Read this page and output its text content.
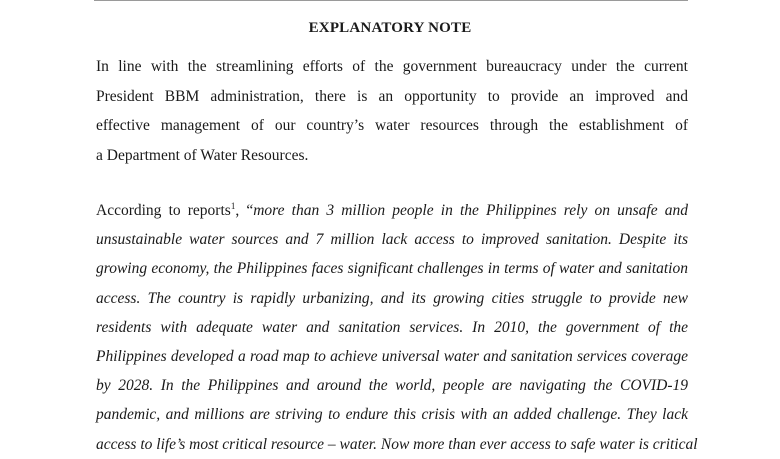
EXPLANATORY NOTE
In line with the streamlining efforts of the government bureaucracy under the current
President BBM administration, there is an opportunity to provide an improved and
effective management of our country’s water resources through the establishment of
a Department of Water Resources.
According to reports$^1$, “more than 3 million people in the Philippines rely on unsafe and
unsustainable water sources and 7 million lack access to improved sanitation. Despite its
growing economy, the Philippines faces significant challenges in terms of water and sanitation
access. The country is rapidly urbanizing, and its growing cities struggle to provide new
residents with adequate water and sanitation services. In 2010, the government of the
Philippines developed a road map to achieve universal water and sanitation services coverage
by 2028. In the Philippines and around the world, people are navigating the COVID-19
pandemic, and millions are striving to endure this crisis with an added challenge. They lack
access to life’s most critical resource – water. Now more than ever access to safe water is critical
